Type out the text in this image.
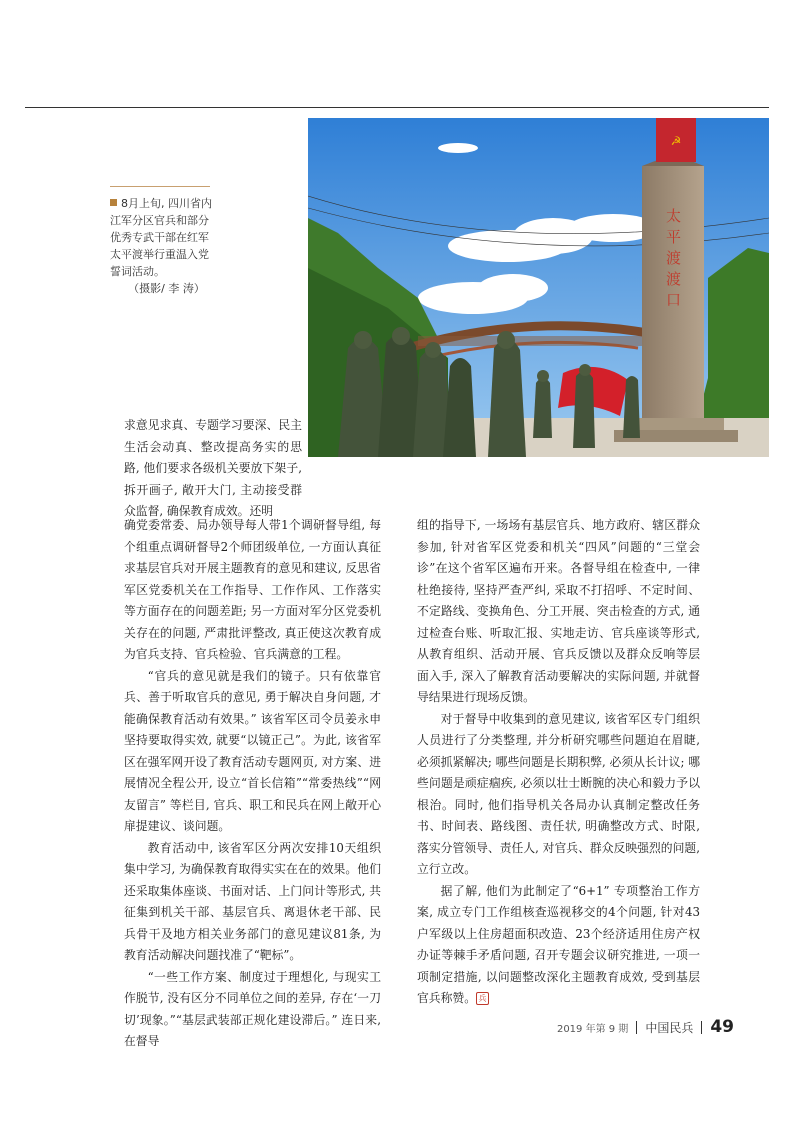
8月上旬, 四川省内江军分区官兵和部分优秀专武干部在红军太平渡举行重温入党誓词活动。
（摄影/ 李 涛）
☭
太平渡渡口

求意见求真、专题学习要深、民主生活会动真、整改提高务实的思路, 他们要求各级机关要放下架子, 拆开画子, 敞开大门, 主动接受群众监督, 确保教育成效。还明

确党委常委、局办领导每人带1个调研督导组, 每个组重点调研督导2个师团级单位, 一方面认真征求基层官兵对开展主题教育的意见和建议, 反思省军区党委机关在工作指导、工作作风、工作落实等方面存在的问题差距; 另一方面对军分区党委机关存在的问题, 严肃批评整改, 真正使这次教育成为官兵支持、官兵检验、官兵满意的工程。

“官兵的意见就是我们的镜子。只有依靠官兵、善于听取官兵的意见, 勇于解决自身问题, 才能确保教育活动有效果。” 该省军区司令员姜永申坚持要取得实效, 就要“以镜正己”。为此, 该省军区在强军网开设了教育活动专题网页, 对方案、进展情况全程公开, 设立“首长信箱”“常委热线”“网友留言” 等栏目, 官兵、职工和民兵在网上敞开心扉提建议、谈问题。

教育活动中, 该省军区分两次安排10天组织集中学习, 为确保教育取得实实在在的效果。他们还采取集体座谈、书面对话、上门问计等形式, 共征集到机关干部、基层官兵、离退休老干部、民兵骨干及地方相关业务部门的意见建议81条, 为教育活动解决问题找准了“靶标”。

“一些工作方案、制度过于理想化, 与现实工作脱节, 没有区分不同单位之间的差异, 存在‘一刀切’现象。”“基层武装部正规化建设滞后。” 连日来, 在督导

组的指导下, 一场场有基层官兵、地方政府、辖区群众参加, 针对省军区党委和机关“四风”问题的“三堂会诊”在这个省军区遍布开来。各督导组在检查中, 一律杜绝接待, 坚持严查严纠, 采取不打招呼、不定时间、不定路线、变换角色、分工开展、突击检查的方式, 通过检查台账、听取汇报、实地走访、官兵座谈等形式, 从教育组织、活动开展、官兵反馈以及群众反响等层面入手, 深入了解教育活动要解决的实际问题, 并就督导结果进行现场反馈。

对于督导中收集到的意见建议, 该省军区专门组织人员进行了分类整理, 并分析研究哪些问题迫在眉睫, 必须抓紧解决; 哪些问题是长期积弊, 必须从长计议; 哪些问题是顽症痼疾, 必须以壮士断腕的决心和毅力予以根治。同时, 他们指导机关各局办认真制定整改任务书、时间表、路线图、责任状, 明确整改方式、时限, 落实分管领导、责任人, 对官兵、群众反映强烈的问题, 立行立改。

据了解, 他们为此制定了“6+1” 专项整治工作方案, 成立专门工作组核查巡视移交的4个问题, 针对43户军级以上住房超面积改造、23个经济适用住房产权办证等棘手矛盾问题, 召开专题会议研究推进, 一项一项制定措施, 以问题整改深化主题教育成效, 受到基层官兵称赞。 兵

2019 年第 9 期 中国民兵 49
